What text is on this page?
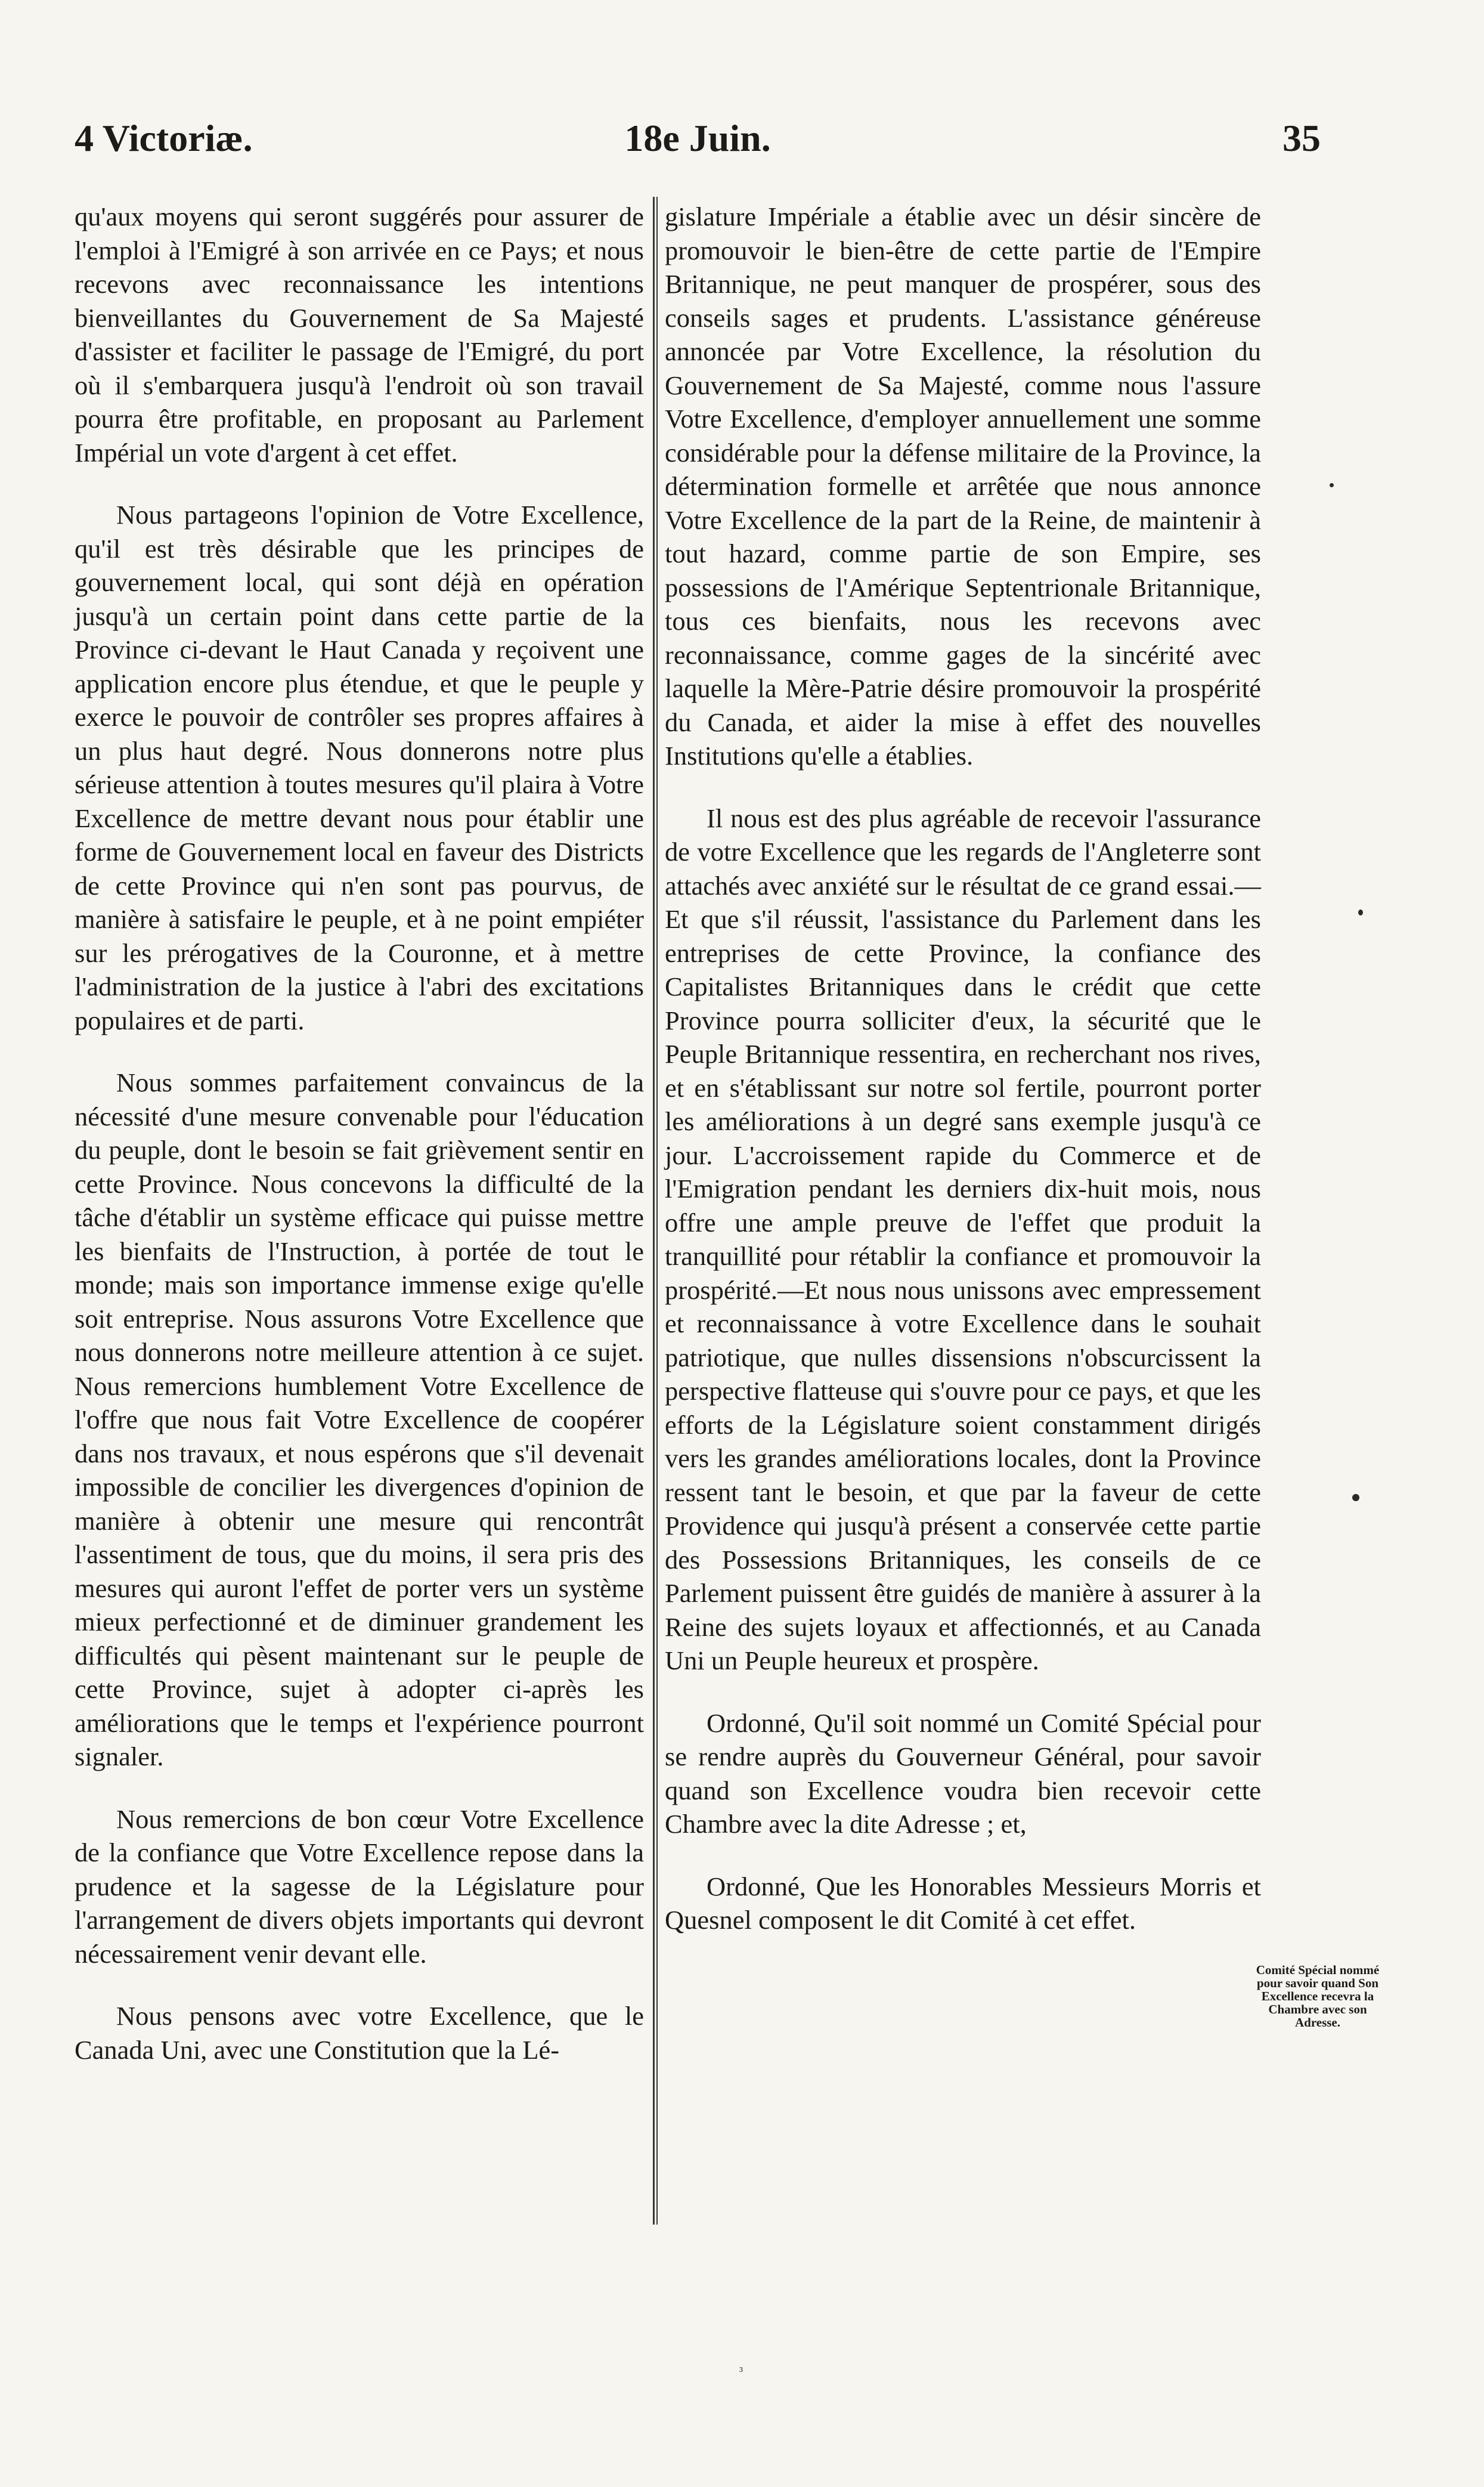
4 Victoriæ.	18e Juin.	35

qu'aux moyens qui seront suggérés pour assurer de l'emploi à l'Emigré à son arrivée en ce Pays; et nous recevons avec reconnaissance les intentions bienveillantes du Gouvernement de Sa Majesté d'assister et faciliter le passage de l'Emigré, du port où il s'embarquera jusqu'à l'endroit où son travail pourra être profitable, en proposant au Parlement Impérial un vote d'argent à cet effet.

Nous partageons l'opinion de Votre Excellence, qu'il est très désirable que les principes de gouvernement local, qui sont déjà en opération jusqu'à un certain point dans cette partie de la Province ci-devant le Haut Canada y reçoivent une application encore plus étendue, et que le peuple y exerce le pouvoir de contrôler ses propres affaires à un plus haut degré. Nous donnerons notre plus sérieuse attention à toutes mesures qu'il plaira à Votre Excellence de mettre devant nous pour établir une forme de Gouvernement local en faveur des Districts de cette Province qui n'en sont pas pourvus, de manière à satisfaire le peuple, et à ne point empiéter sur les prérogatives de la Couronne, et à mettre l'administration de la justice à l'abri des excitations populaires et de parti.

Nous sommes parfaitement convaincus de la nécessité d'une mesure convenable pour l'éducation du peuple, dont le besoin se fait grièvement sentir en cette Province. Nous concevons la difficulté de la tâche d'établir un système efficace qui puisse mettre les bienfaits de l'Instruction, à portée de tout le monde; mais son importance immense exige qu'elle soit entreprise. Nous assurons Votre Excellence que nous donnerons notre meilleure attention à ce sujet. Nous remercions humblement Votre Excellence de l'offre que nous fait Votre Excellence de coopérer dans nos travaux, et nous espérons que s'il devenait impossible de concilier les divergences d'opinion de manière à obtenir une mesure qui rencontrât l'assentiment de tous, que du moins, il sera pris des mesures qui auront l'effet de porter vers un système mieux perfectionné et de diminuer grandement les difficultés qui pèsent maintenant sur le peuple de cette Province, sujet à adopter ci-après les améliorations que le temps et l'expérience pourront signaler.

Nous remercions de bon cœur Votre Excellence de la confiance que Votre Excellence repose dans la prudence et la sagesse de la Législature pour l'arrangement de divers objets importants qui devront nécessairement venir devant elle.

Nous pensons avec votre Excellence, que le Canada Uni, avec une Constitution que la Lé-

gislature Impériale a établie avec un désir sincère de promouvoir le bien-être de cette partie de l'Empire Britannique, ne peut manquer de prospérer, sous des conseils sages et prudents. L'assistance généreuse annoncée par Votre Excellence, la résolution du Gouvernement de Sa Majesté, comme nous l'assure Votre Excellence, d'employer annuellement une somme considérable pour la défense militaire de la Province, la détermination formelle et arrêtée que nous annonce Votre Excellence de la part de la Reine, de maintenir à tout hazard, comme partie de son Empire, ses possessions de l'Amérique Septentrionale Britannique, tous ces bienfaits, nous les recevons avec reconnaissance, comme gages de la sincérité avec laquelle la Mère-Patrie désire promouvoir la prospérité du Canada, et aider la mise à effet des nouvelles Institutions qu'elle a établies.

Il nous est des plus agréable de recevoir l'assurance de votre Excellence que les regards de l'Angleterre sont attachés avec anxiété sur le résultat de ce grand essai.—Et que s'il réussit, l'assistance du Parlement dans les entreprises de cette Province, la confiance des Capitalistes Britanniques dans le crédit que cette Province pourra solliciter d'eux, la sécurité que le Peuple Britannique ressentira, en recherchant nos rives, et en s'établissant sur notre sol fertile, pourront porter les améliorations à un degré sans exemple jusqu'à ce jour. L'accroissement rapide du Commerce et de l'Emigration pendant les derniers dix-huit mois, nous offre une ample preuve de l'effet que produit la tranquillité pour rétablir la confiance et promouvoir la prospérité.—Et nous nous unissons avec empressement et reconnaissance à votre Excellence dans le souhait patriotique, que nulles dissensions n'obscurcissent la perspective flatteuse qui s'ouvre pour ce pays, et que les efforts de la Législature soient constamment dirigés vers les grandes améliorations locales, dont la Province ressent tant le besoin, et que par la faveur de cette Providence qui jusqu'à présent a conservée cette partie des Possessions Britanniques, les conseils de ce Parlement puissent être guidés de manière à assurer à la Reine des sujets loyaux et affectionnés, et au Canada Uni un Peuple heureux et prospère.

Ordonné, Qu'il soit nommé un Comité Spécial pour se rendre auprès du Gouverneur Général, pour savoir quand son Excellence voudra bien recevoir cette Chambre avec la dite Adresse ; et,

Ordonné, Que les Honorables Messieurs Morris et Quesnel composent le dit Comité à cet effet.

Comité Spécial nommé pour savoir quand Son Excellence recevra la Chambre avec son Adresse.
³
